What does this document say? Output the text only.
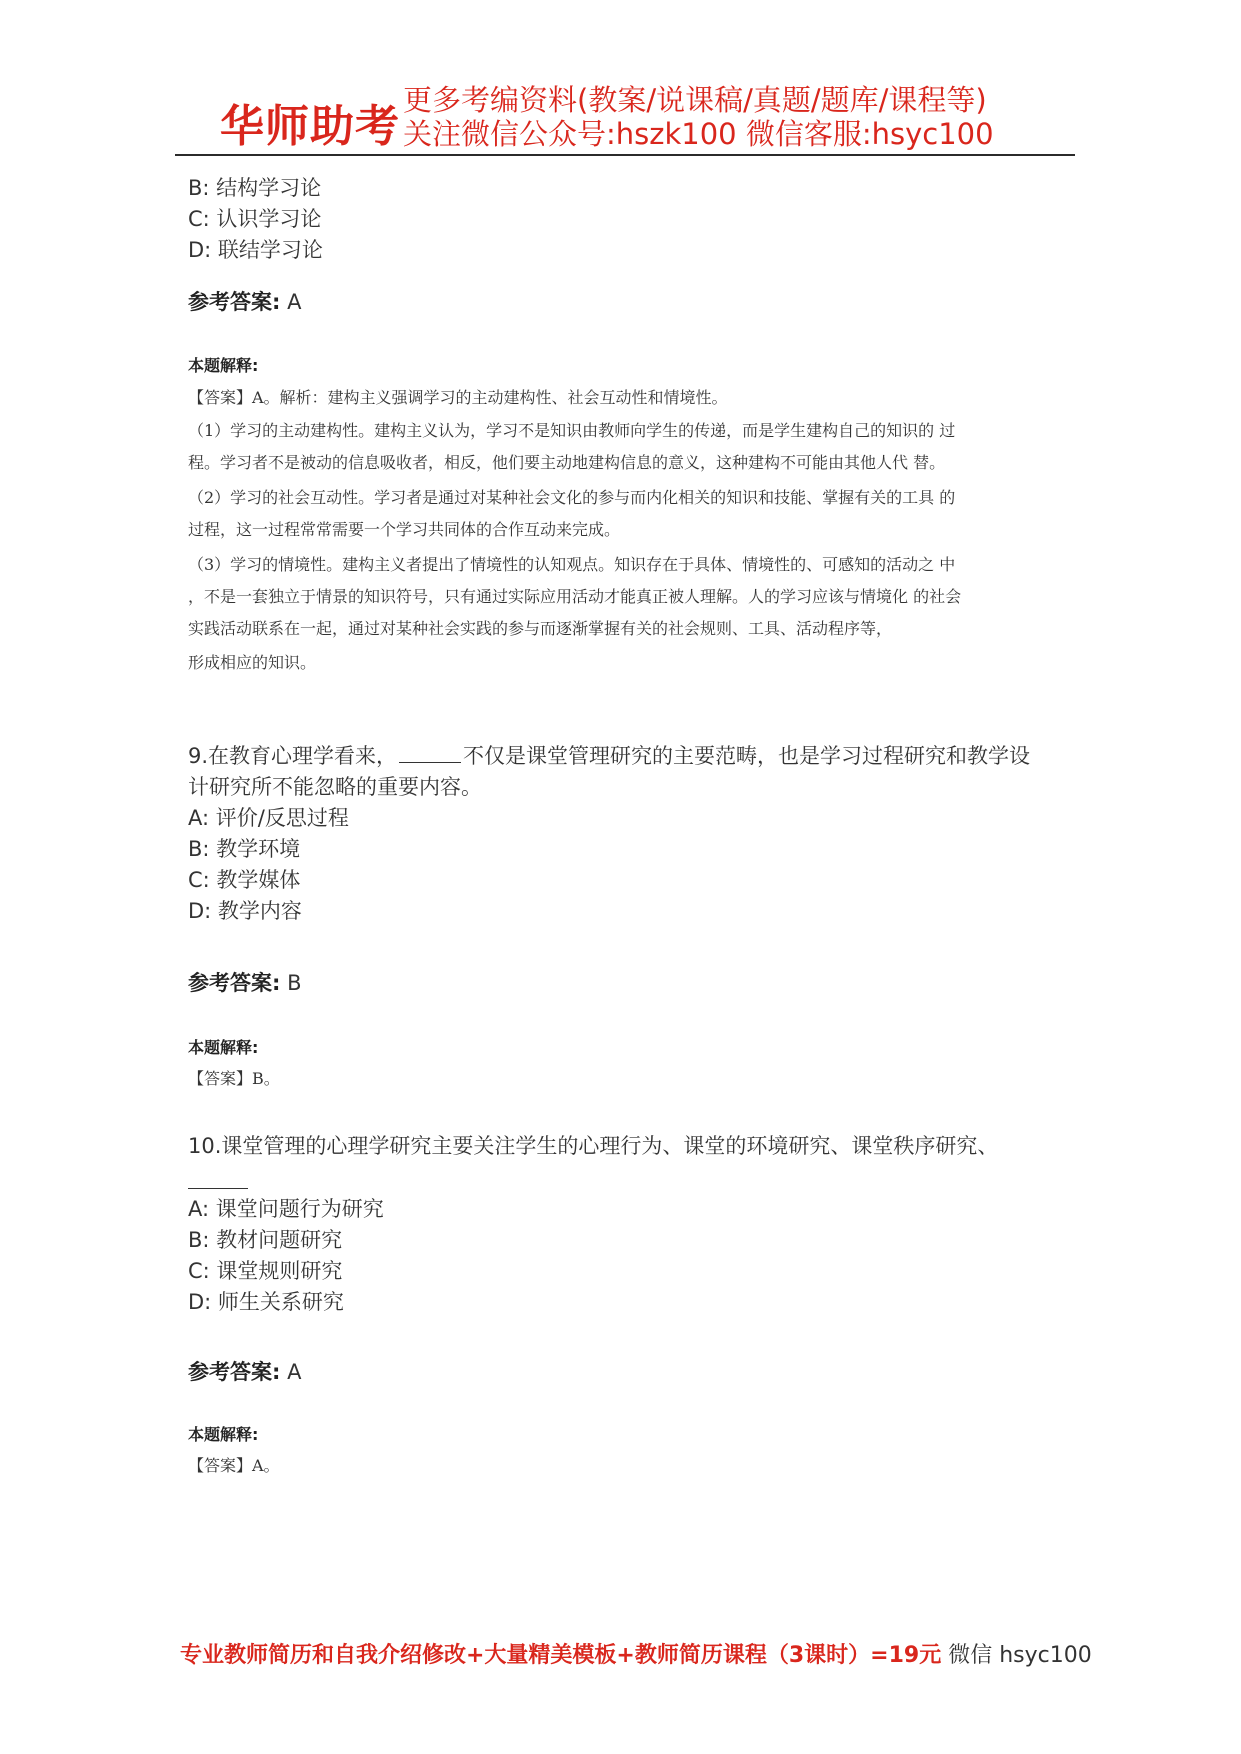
华师助考
更多考编资料(教案/说课稿/真题/题库/课程等)
关注微信公众号:hszk100 微信客服:hsyc100
B: 结构学习论
C: 认识学习论
D: 联结学习论
参考答案: A
本题解释:
【答案】A。解析：建构主义强调学习的主动建构性、社会互动性和情境性。
（1）学习的主动建构性。建构主义认为，学习不是知识由教师向学生的传递，而是学生建构自己的知识的 过
程。学习者不是被动的信息吸收者，相反，他们要主动地建构信息的意义，这种建构不可能由其他人代 替。
（2）学习的社会互动性。学习者是通过对某种社会文化的参与而内化相关的知识和技能、掌握有关的工具 的
过程，这一过程常常需要一个学习共同体的合作互动来完成。
（3）学习的情境性。建构主义者提出了情境性的认知观点。知识存在于具体、情境性的、可感知的活动之 中
，不是一套独立于情景的知识符号，只有通过实际应用活动才能真正被人理解。人的学习应该与情境化 的社会
实践活动联系在一起，通过对某种社会实践的参与而逐渐掌握有关的社会规则、工具、活动程序等，
形成相应的知识。
9.在教育心理学看来，	不仅是课堂管理研究的主要范畴，也是学习过程研究和教学设
计研究所不能忽略的重要内容。
A: 评价/反思过程
B: 教学环境
C: 教学媒体
D: 教学内容
参考答案: B
本题解释:
【答案】B。
10.课堂管理的心理学研究主要关注学生的心理行为、课堂的环境研究、课堂秩序研究、
A: 课堂问题行为研究
B: 教材问题研究
C: 课堂规则研究
D: 师生关系研究
参考答案: A
本题解释:
【答案】A。
专业教师简历和自我介绍修改+大量精美模板+教师简历课程（3课时）=19元 微信 hsyc100
